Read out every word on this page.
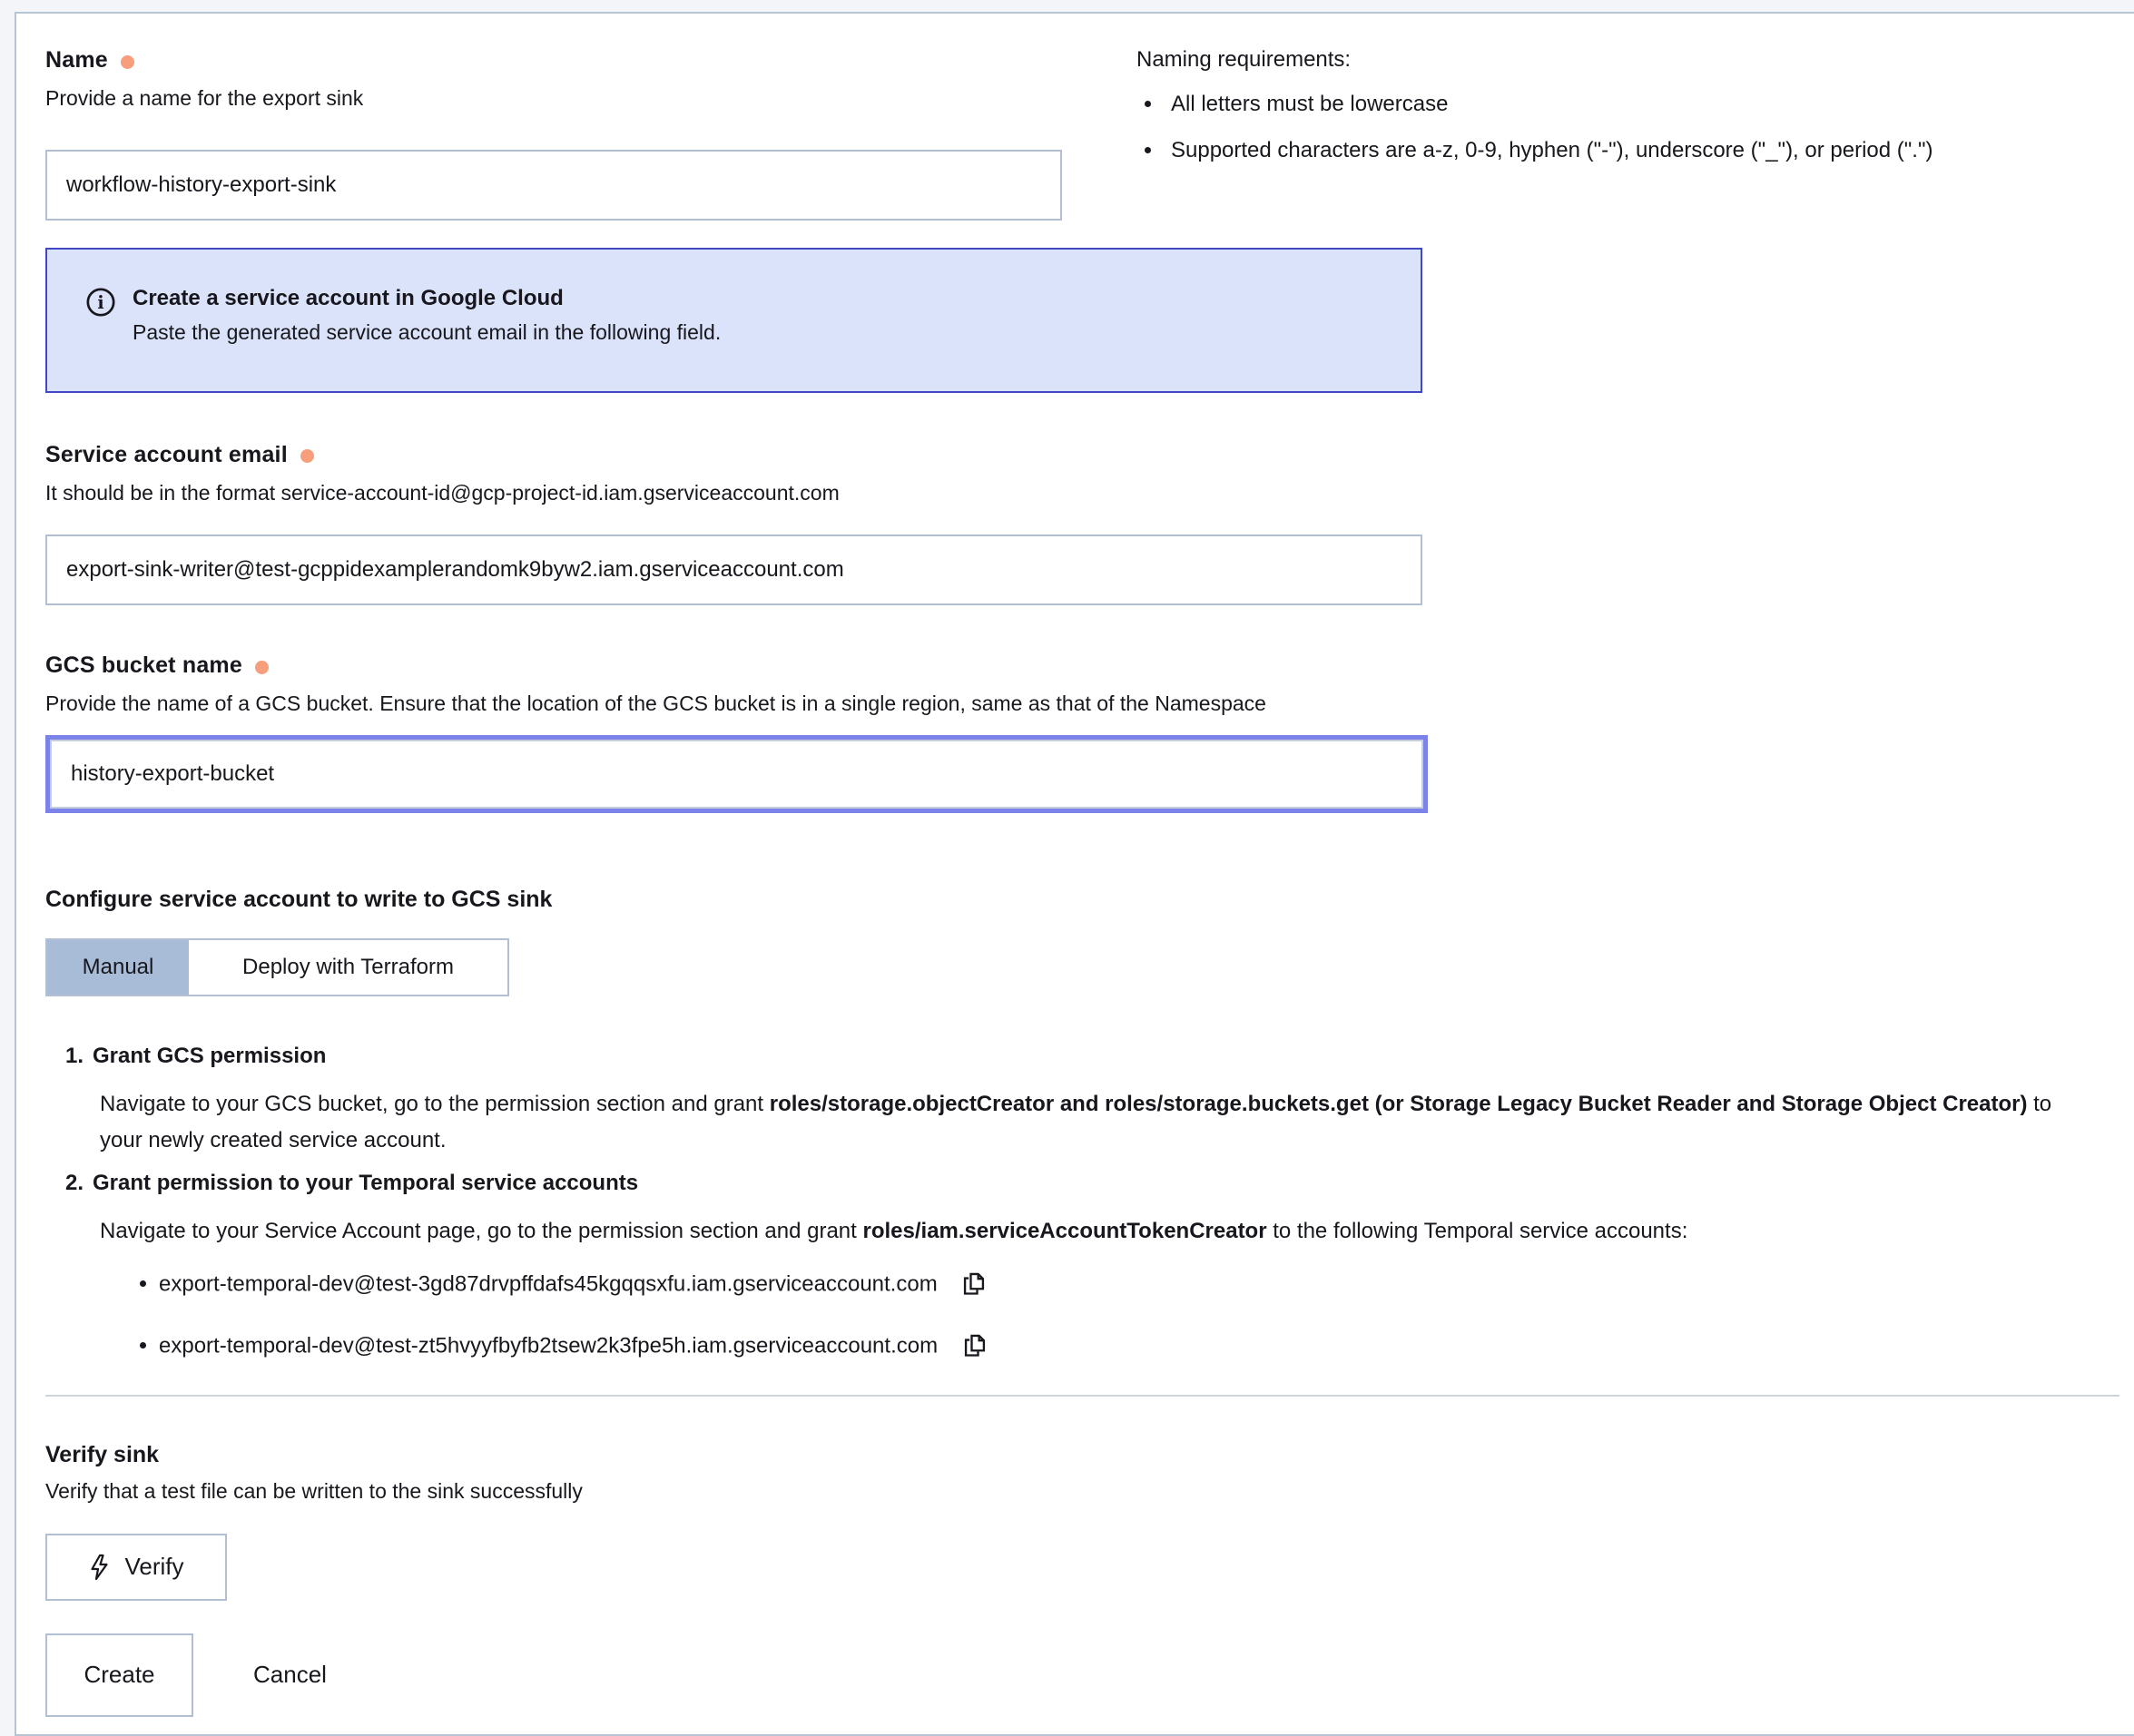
Name
Provide a name for the export sink
workflow-history-export-sink
Naming requirements:
• All letters must be lowercase
• Supported characters are a-z, 0-9, hyphen ("-"), underscore ("_"), or period (".")
i Create a service account in Google Cloud
Paste the generated service account email in the following field.
Service account email
It should be in the format service-account-id@gcp-project-id.iam.gserviceaccount.com
export-sink-writer@test-gcppidexamplerandomk9byw2.iam.gserviceaccount.com
GCS bucket name
Provide the name of a GCS bucket. Ensure that the location of the GCS bucket is in a single region, same as that of the Namespace
history-export-bucket
Configure service account to write to GCS sink
Manual	Deploy with Terraform
1. Grant GCS permission

Navigate to your GCS bucket, go to the permission section and grant roles/storage.objectCreator and roles/storage.buckets.get (or Storage Legacy Bucket Reader and Storage Object Creator) to your newly created service account.

2. Grant permission to your Temporal service accounts

Navigate to your Service Account page, go to the permission section and grant roles/iam.serviceAccountTokenCreator to the following Temporal service accounts:

• export-temporal-dev@test-3gd87drvpffdafs45kgqqsxfu.iam.gserviceaccount.com
• export-temporal-dev@test-zt5hvyyfbyfb2tsew2k3fpe5h.iam.gserviceaccount.com
Verify sink
Verify that a test file can be written to the sink successfully
Verify
Create	Cancel
